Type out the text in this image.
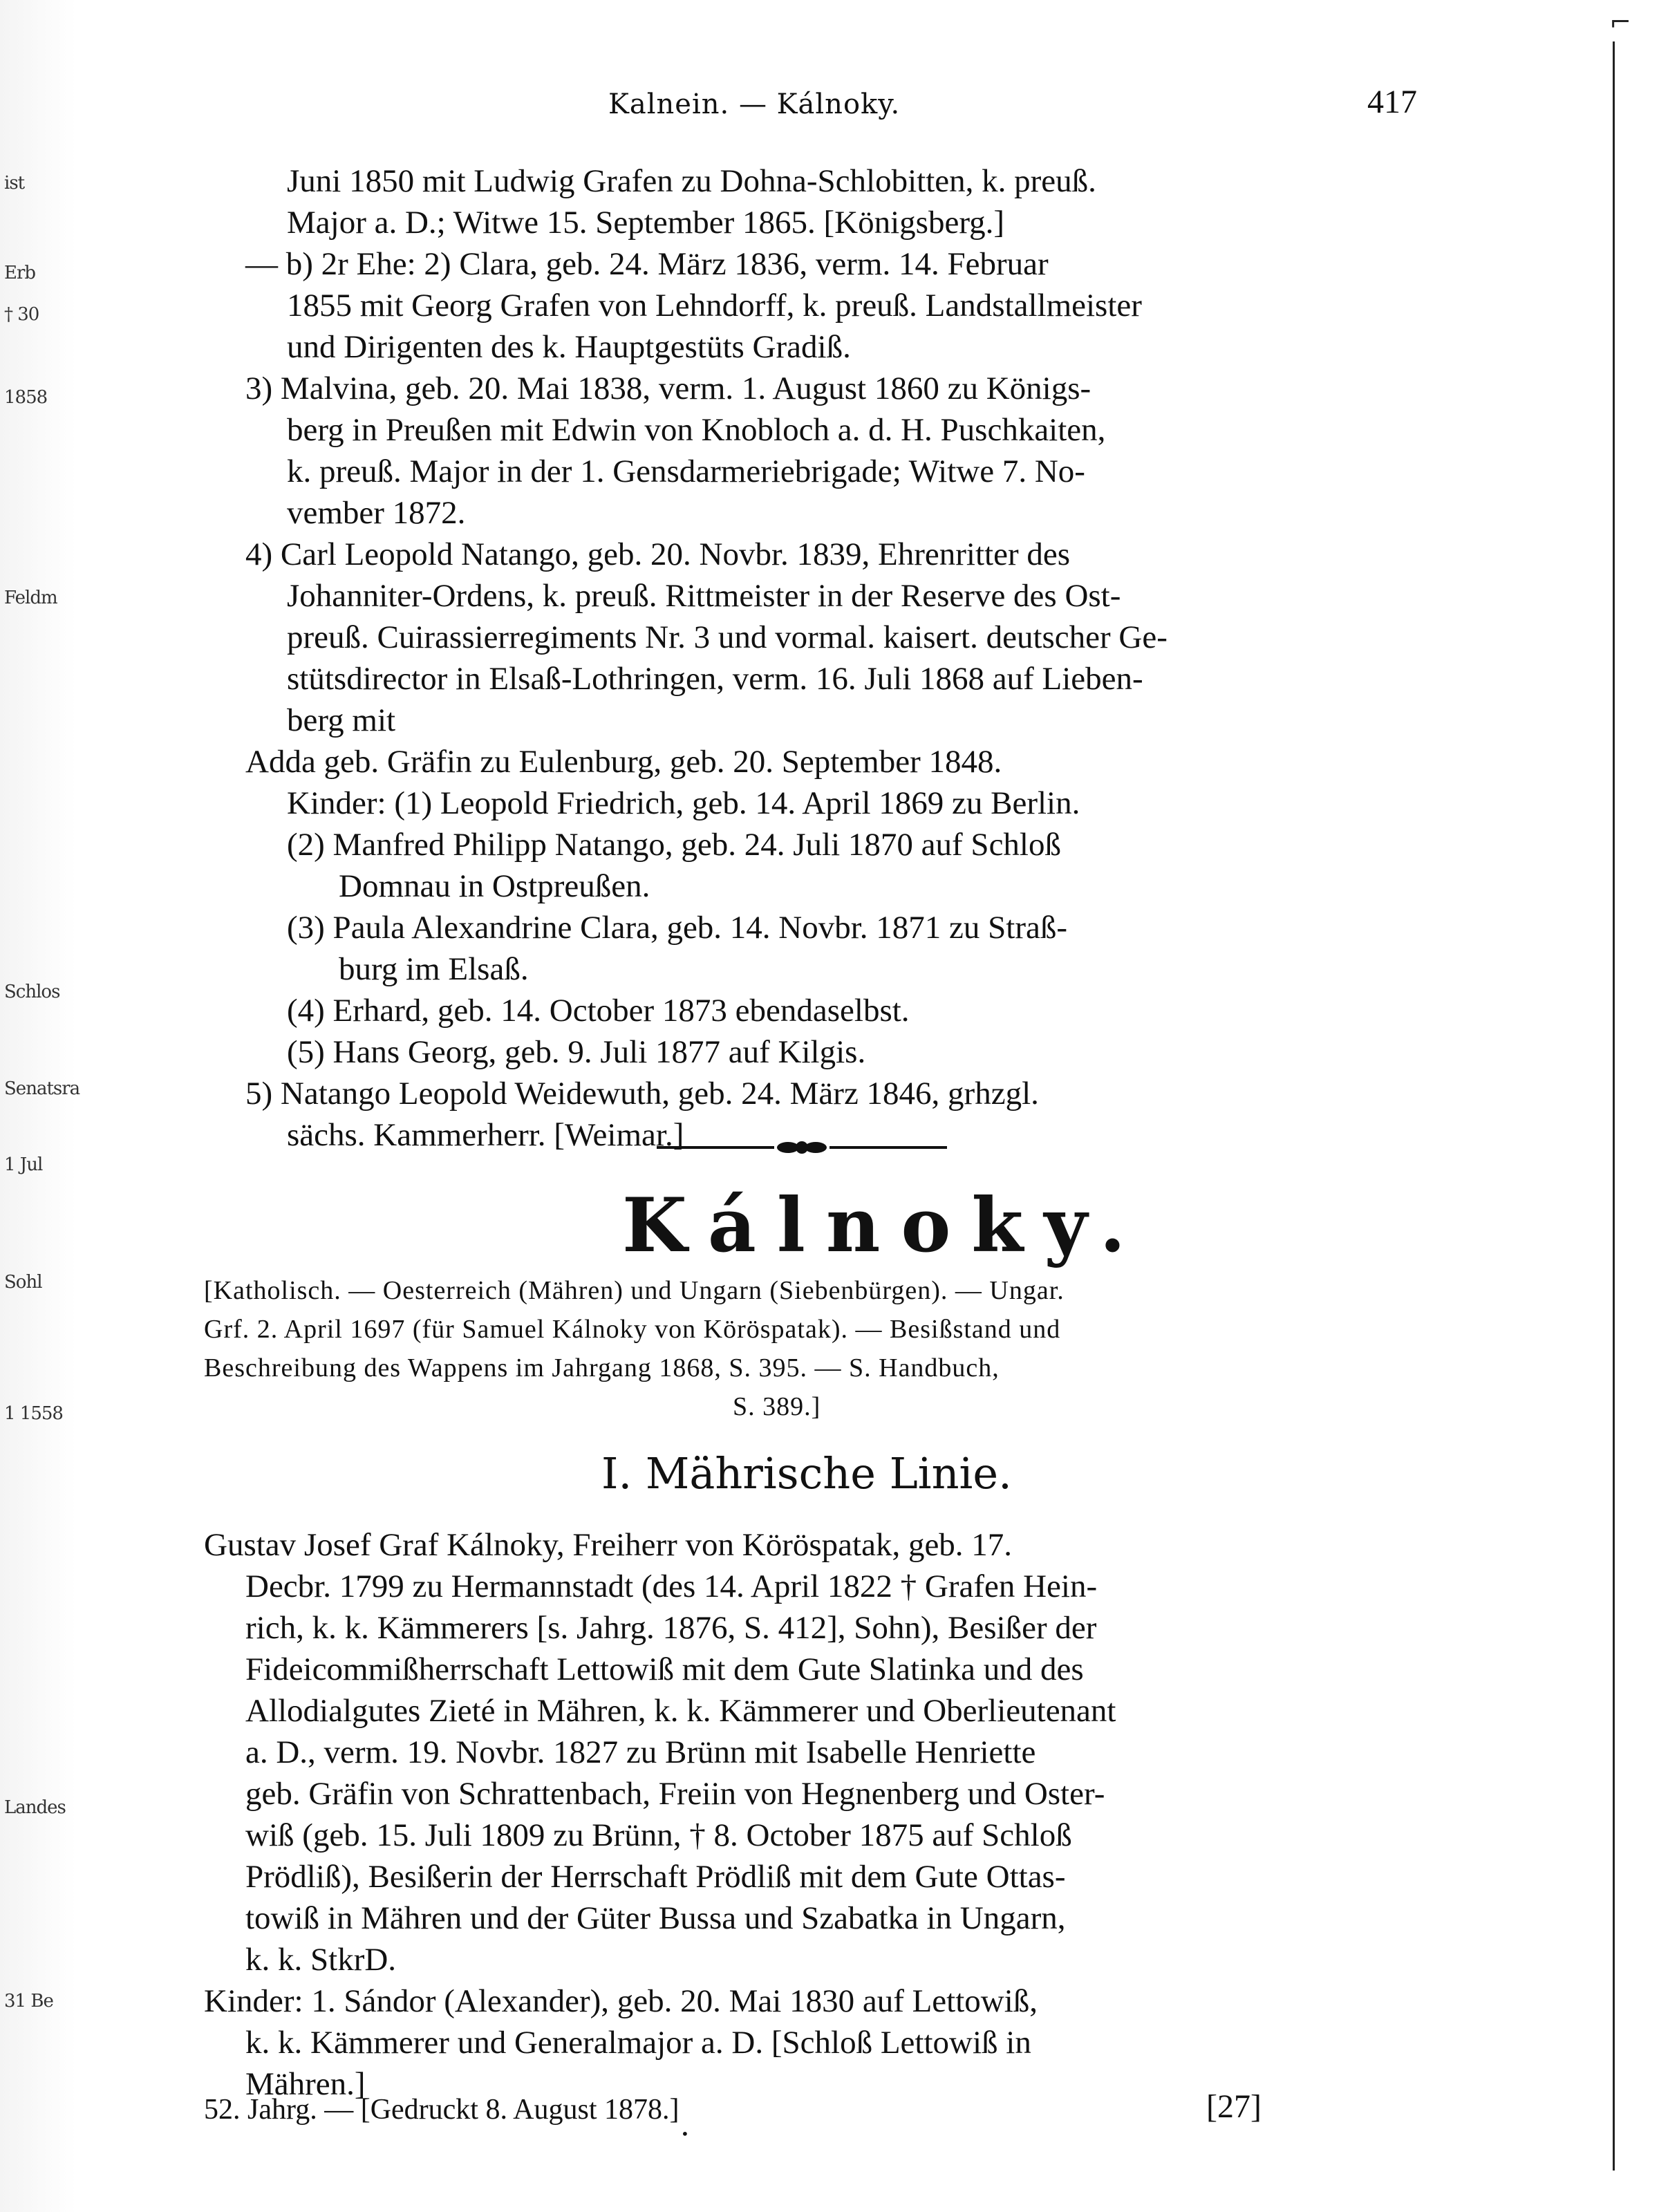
ist
Erb
† 30
1858
Feldm
Schlos
Senatsra
1 Jul
Sohl
1 1558
Landes
31 Be
⌐
Kalnein. — Kálnoky.	417
Juni 1850 mit Ludwig Grafen zu Dohna-Schlobitten, k. preuß.
Major a. D.; Witwe 15. September 1865. [Königsberg.]
— b) 2r Ehe: 2) Clara, geb. 24. März 1836, verm. 14. Februar
1855 mit Georg Grafen von Lehndorff, k. preuß. Landstallmeister
und Dirigenten des k. Hauptgestüts Gradiß.
3) Malvina, geb. 20. Mai 1838, verm. 1. August 1860 zu Königs-
berg in Preußen mit Edwin von Knobloch a. d. H. Puschkaiten,
k. preuß. Major in der 1. Gensdarmeriebrigade; Witwe 7. No-
vember 1872.
4) Carl Leopold Natango, geb. 20. Novbr. 1839, Ehrenritter des
Johanniter-Ordens, k. preuß. Rittmeister in der Reserve des Ost-
preuß. Cuirassierregiments Nr. 3 und vormal. kaisert. deutscher Ge-
stütsdirector in Elsaß-Lothringen, verm. 16. Juli 1868 auf Lieben-
berg mit
Adda geb. Gräfin zu Eulenburg, geb. 20. September 1848.
Kinder: (1) Leopold Friedrich, geb. 14. April 1869 zu Berlin.
(2) Manfred Philipp Natango, geb. 24. Juli 1870 auf Schloß
Domnau in Ostpreußen.
(3) Paula Alexandrine Clara, geb. 14. Novbr. 1871 zu Straß-
burg im Elsaß.
(4) Erhard, geb. 14. October 1873 ebendaselbst.
(5) Hans Georg, geb. 9. Juli 1877 auf Kilgis.
5) Natango Leopold Weidewuth, geb. 24. März 1846, grhzgl.
sächs. Kammerherr. [Weimar.]
Kálnoky.
[Katholisch. — Oesterreich (Mähren) und Ungarn (Siebenbürgen). — Ungar.
Grf. 2. April 1697 (für Samuel Kálnoky von Köröspatak). — Besißstand und
Beschreibung des Wappens im Jahrgang 1868, S. 395. — S. Handbuch,
S. 389.]
I. Mährische Linie.
Gustav Josef Graf Kálnoky, Freiherr von Köröspatak, geb. 17.
Decbr. 1799 zu Hermannstadt (des 14. April 1822 † Grafen Hein-
rich, k. k. Kämmerers [s. Jahrg. 1876, S. 412], Sohn), Besißer der
Fideicommißherrschaft Lettowiß mit dem Gute Slatinka und des
Allodialgutes Zieté in Mähren, k. k. Kämmerer und Oberlieutenant
a. D., verm. 19. Novbr. 1827 zu Brünn mit Isabelle Henriette
geb. Gräfin von Schrattenbach, Freiin von Hegnenberg und Oster-
wiß (geb. 15. Juli 1809 zu Brünn, † 8. October 1875 auf Schloß
Prödliß), Besißerin der Herrschaft Prödliß mit dem Gute Ottas-
towiß in Mähren und der Güter Bussa und Szabatka in Ungarn,
k. k. StkrD.
Kinder: 1. Sándor (Alexander), geb. 20. Mai 1830 auf Lettowiß,
k. k. Kämmerer und Generalmajor a. D. [Schloß Lettowiß in
Mähren.]
52. Jahrg. — [Gedruckt 8. August 1878.]	[27]
•
